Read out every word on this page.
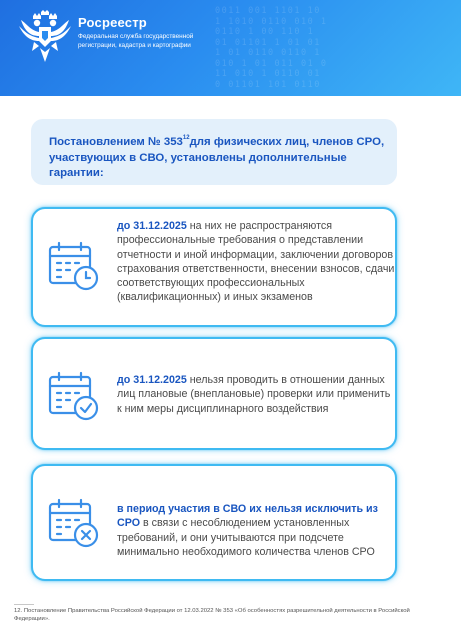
0011 001 1101 10
1 1010 0110 010 1
0110 1 00 110 1
01 01101 1 01 01
1 01 0110 0110 1
010 1 01 011 01 0
11 010 1 0110 01
0 01101 101 0110
Росреестр
Федеральная служба государственной регистрации, кадастра и картографии
Постановлением № $353^{12}для$ физических лиц, членов СРО, участвующих в СВО, установлены дополнительные гарантии:
до 31.12.2025 на них не распространяются профессиональные требования о представлении отчетности и иной информации, заключении договоров страхования ответственности, внесении взносов, сдачи соответствующих профессиональных (квалификационных) и иных экзаменов
до 31.12.2025 нельзя проводить в отношении данных лиц плановые (внеплановые) проверки или применить к ним меры дисциплинарного воздействия
в период участия в СВО их нельзя исключить из СРО в связи с несоблюдением установленных требований, и они учитываются при подсчете минимально необходимого количества членов СРО
12. Постановление Правительства Российской Федерации от 12.03.2022 № 353 «Об особенностях разрешительной деятельности в Российской Федерации».
